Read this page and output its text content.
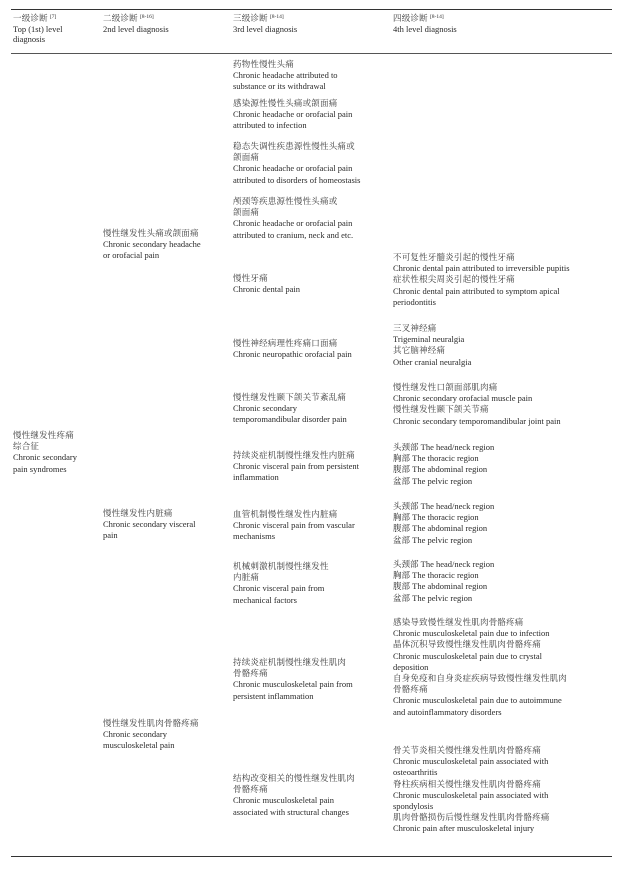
一级诊断 [7]
Top (1st) level
diagnosis
二级诊断 [8-16]
2nd level diagnosis
三级诊断 [8-14]
3rd level diagnosis
四级诊断 [8-14]
4th level diagnosis
慢性继发性疼痛
综合征
Chronic secondary
pain syndromes
慢性继发性头痛或颌面痛
Chronic secondary headache
or orofacial pain
慢性继发性内脏痛
Chronic secondary visceral
pain
慢性继发性肌肉骨骼疼痛
Chronic secondary
musculoskeletal pain
药物性慢性头痛
Chronic headache attributed to
substance or its withdrawal
感染源性慢性头痛或颌面痛
Chronic headache or orofacial pain
attributed to infection
稳态失调性疾患源性慢性头痛或
颌面痛
Chronic headache or orofacial pain
attributed to disorders of homeostasis
颅颈等疾患源性慢性头痛或
颌面痛
Chronic headache or orofacial pain
attributed to cranium, neck and etc.
慢性牙痛
Chronic dental pain
慢性神经病理性疼痛口面痛
Chronic neuropathic orofacial pain
慢性继发性颞下颌关节紊乱痛
Chronic secondary
temporomandibular disorder pain
持续炎症机制慢性继发性内脏痛
Chronic visceral pain from persistent
inflammation
血管机制慢性继发性内脏痛
Chronic visceral pain from vascular
mechanisms
机械刺激机制慢性继发性
内脏痛
Chronic visceral pain from
mechanical factors
持续炎症机制慢性继发性肌肉
骨骼疼痛
Chronic musculoskeletal pain from
persistent inflammation
结构改变相关的慢性继发性肌肉
骨骼疼痛
Chronic musculoskeletal pain
associated with structural changes
不可复性牙髓炎引起的慢性牙痛
Chronic dental pain attributed to irreversible pupitis
症状性根尖周炎引起的慢性牙痛
Chronic dental pain attributed to symptom apical
periodontitis
三叉神经痛
Trigeminal neuralgia
其它脑神经痛
Other cranial neuralgia
慢性继发性口颌面部肌肉痛
Chronic secondary orofacial muscle pain
慢性继发性颞下颌关节痛
Chronic secondary temporomandibular joint pain
头颈部 The head/neck region
胸部 The thoracic region
腹部 The abdominal region
盆部 The pelvic region
头颈部 The head/neck region
胸部 The thoracic region
腹部 The abdominal region
盆部 The pelvic region
头颈部 The head/neck region
胸部 The thoracic region
腹部 The abdominal region
盆部 The pelvic region
感染导致慢性继发性肌肉骨骼疼痛
Chronic musculoskeletal pain due to infection
晶体沉积导致慢性继发性肌肉骨骼疼痛
Chronic musculoskeletal pain due to crystal
deposition
自身免疫和自身炎症疾病导致慢性继发性肌肉
骨骼疼痛
Chronic musculoskeletal pain due to autoimmune
and autoinflammatory disorders
骨关节炎相关慢性继发性肌肉骨骼疼痛
Chronic musculoskeletal pain associated with
osteoarthritis
脊柱疾病相关慢性继发性肌肉骨骼疼痛
Chronic musculoskeletal pain associated with
spondylosis
肌肉骨骼损伤后慢性继发性肌肉骨骼疼痛
Chronic pain after musculoskeletal injury
